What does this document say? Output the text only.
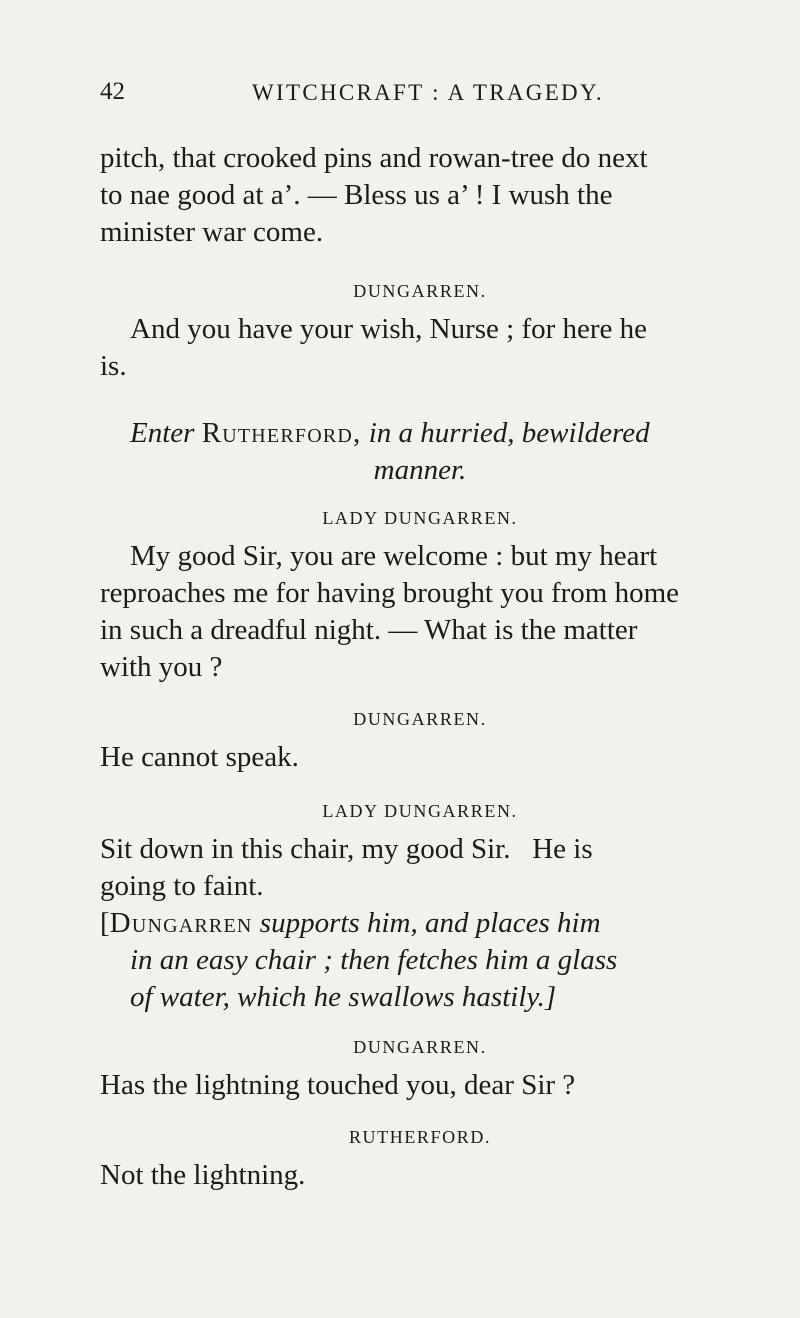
42	WITCHCRAFT : A TRAGEDY.

pitch, that crooked pins and rowan-tree do next

to nae good at a’. — Bless us a’ ! I wush the

minister war come.

DUNGARREN.

And you have your wish, Nurse ; for here he

is.

Enter Rutherford, in a hurried, bewildered

manner.

LADY DUNGARREN.

My good Sir, you are welcome : but my heart

reproaches me for having brought you from home

in such a dreadful night. — What is the matter

with you ?

DUNGARREN.

He cannot speak.

LADY DUNGARREN.

Sit down in this chair, my good Sir.   He is

going to faint.

[Dungarren supports him, and places him

in an easy chair ; then fetches him a glass

of water, which he swallows hastily.]

DUNGARREN.

Has the lightning touched you, dear Sir ?

RUTHERFORD.

Not the lightning.
